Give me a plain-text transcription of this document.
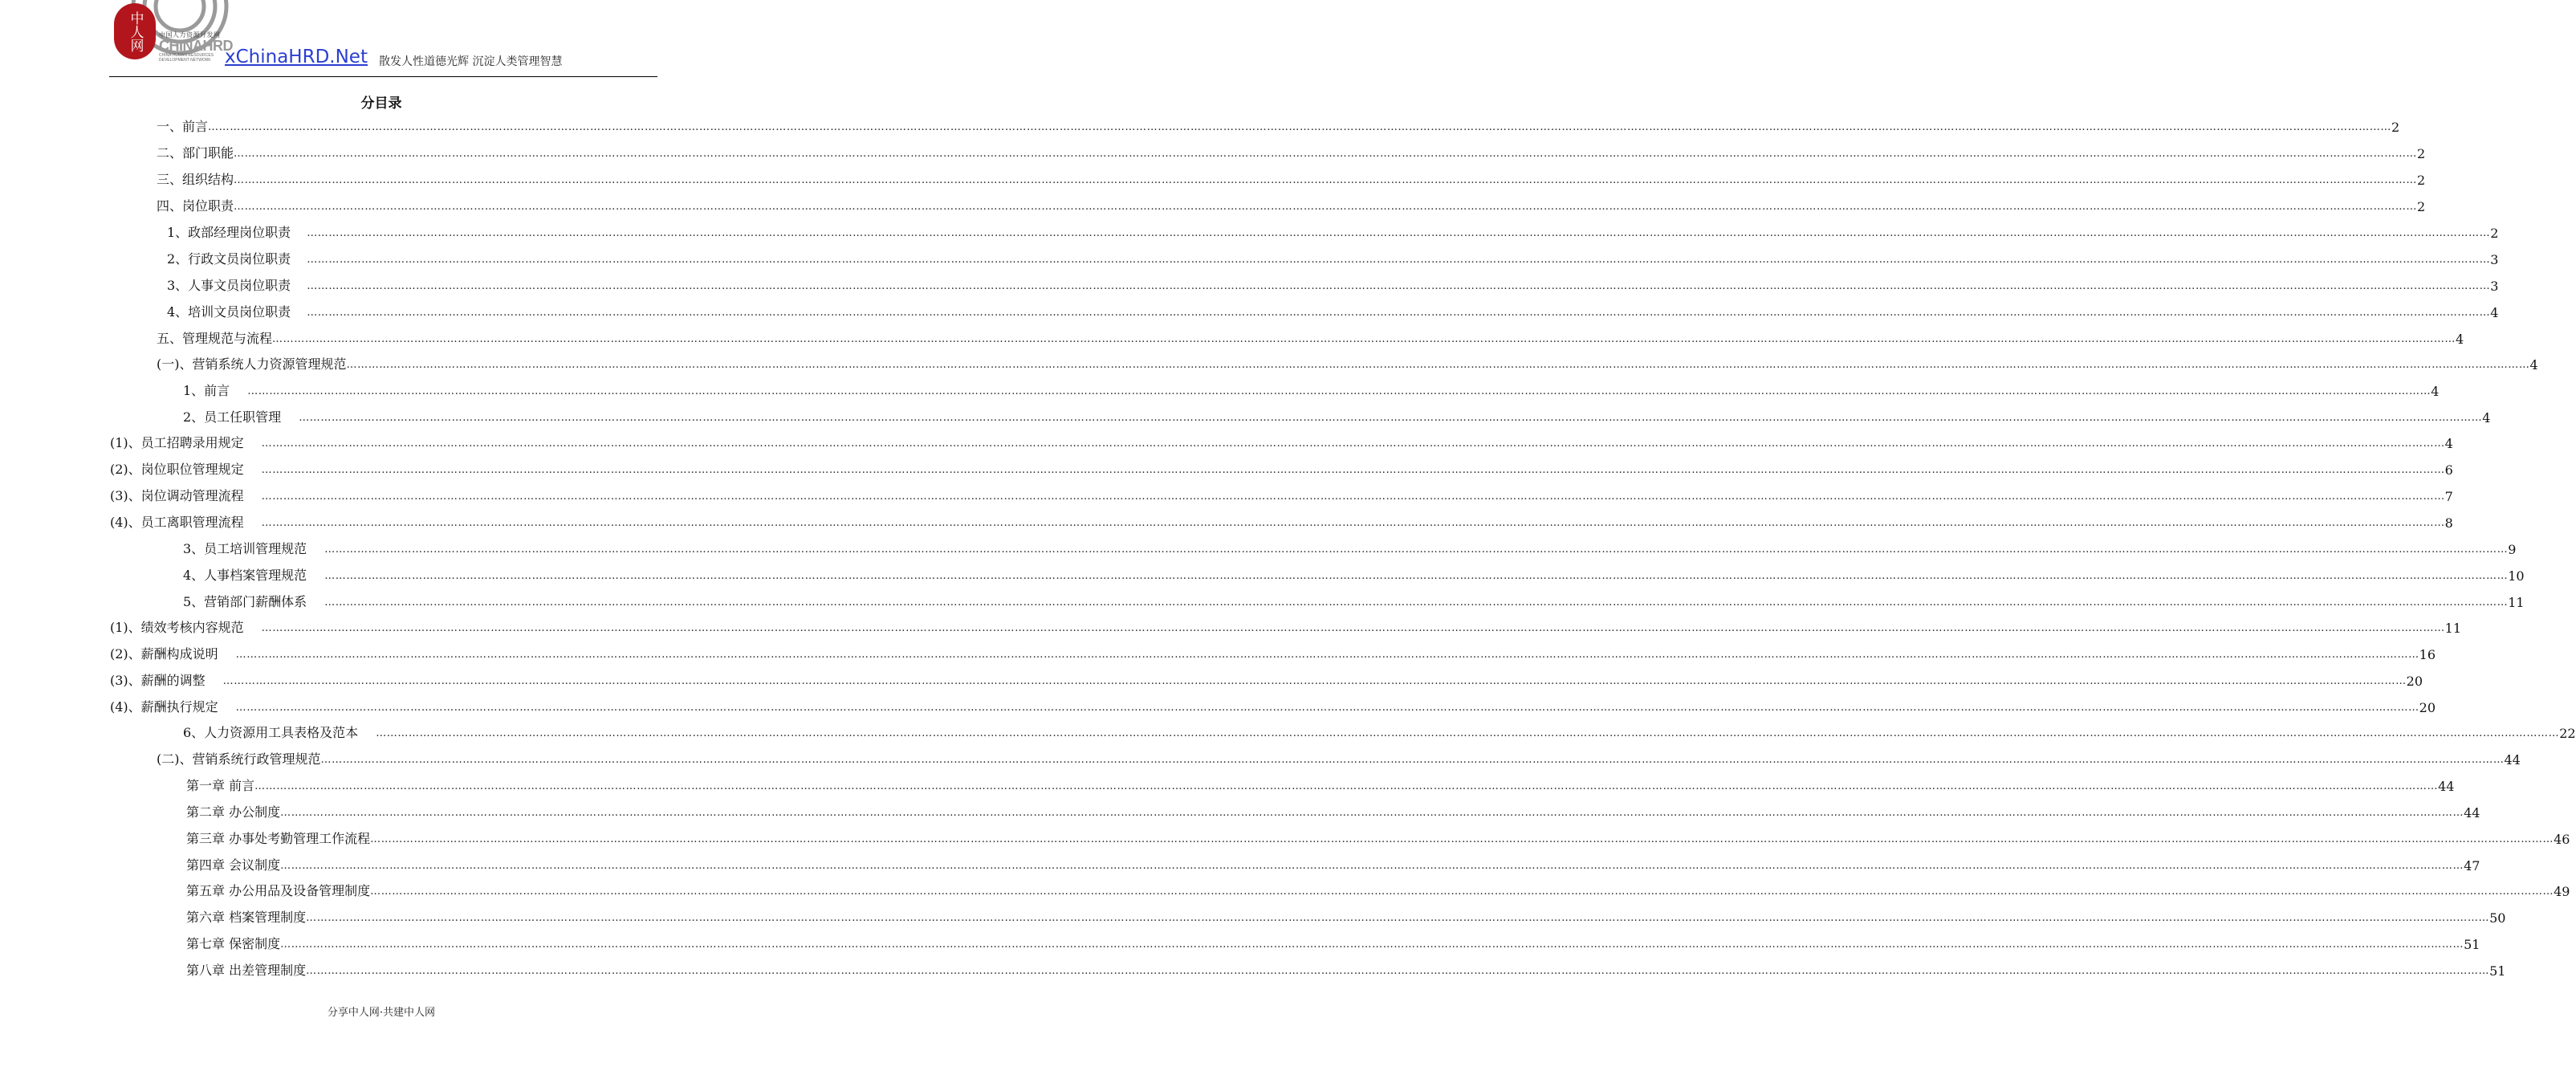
中人网	中国人力资源开发网
CHINAHRD
CHINA HUMAN RESOURCES DEVELOPMENT NETWORK xChinaHRD.Net 散发人性道德光辉 沉淀人类管理智慧
分目录
一、前言 …………………………………………………………………………………………………………………………………………………………………………………………………………………………………………………………………………………………………………………………………………………………………………………………………………………………………………………………………………………………………………………………………………………… 2
二、部门职能 …………………………………………………………………………………………………………………………………………………………………………………………………………………………………………………………………………………………………………………………………………………………………………………………………………………………………………………………………………………………………………………………………………………… 2
三、组织结构 …………………………………………………………………………………………………………………………………………………………………………………………………………………………………………………………………………………………………………………………………………………………………………………………………………………………………………………………………………………………………………………………………………………… 2
四、岗位职责 …………………………………………………………………………………………………………………………………………………………………………………………………………………………………………………………………………………………………………………………………………………………………………………………………………………………………………………………………………………………………………………………………………………… 2
1、政部经理岗位职责 …………………………………………………………………………………………………………………………………………………………………………………………………………………………………………………………………………………………………………………………………………………………………………………………………………………………………………………………………………………………………………………………………………………… 2
2、行政文员岗位职责 …………………………………………………………………………………………………………………………………………………………………………………………………………………………………………………………………………………………………………………………………………………………………………………………………………………………………………………………………………………………………………………………………………………… 3
3、人事文员岗位职责 …………………………………………………………………………………………………………………………………………………………………………………………………………………………………………………………………………………………………………………………………………………………………………………………………………………………………………………………………………………………………………………………………………………… 3
4、培训文员岗位职责 …………………………………………………………………………………………………………………………………………………………………………………………………………………………………………………………………………………………………………………………………………………………………………………………………………………………………………………………………………………………………………………………………………………… 4
五、管理规范与流程 …………………………………………………………………………………………………………………………………………………………………………………………………………………………………………………………………………………………………………………………………………………………………………………………………………………………………………………………………………………………………………………………………………………… 4
(一)、营销系统人力资源管理规范 …………………………………………………………………………………………………………………………………………………………………………………………………………………………………………………………………………………………………………………………………………………………………………………………………………………………………………………………………………………………………………………………………………………… 4
1、前言 …………………………………………………………………………………………………………………………………………………………………………………………………………………………………………………………………………………………………………………………………………………………………………………………………………………………………………………………………………………………………………………………………………………… 4
2、员工任职管理 …………………………………………………………………………………………………………………………………………………………………………………………………………………………………………………………………………………………………………………………………………………………………………………………………………………………………………………………………………………………………………………………………………………… 4
(1)、员工招聘录用规定 …………………………………………………………………………………………………………………………………………………………………………………………………………………………………………………………………………………………………………………………………………………………………………………………………………………………………………………………………………………………………………………………………………………… 4
(2)、岗位职位管理规定 …………………………………………………………………………………………………………………………………………………………………………………………………………………………………………………………………………………………………………………………………………………………………………………………………………………………………………………………………………………………………………………………………………………… 6
(3)、岗位调动管理流程 …………………………………………………………………………………………………………………………………………………………………………………………………………………………………………………………………………………………………………………………………………………………………………………………………………………………………………………………………………………………………………………………………………………… 7
(4)、员工离职管理流程 …………………………………………………………………………………………………………………………………………………………………………………………………………………………………………………………………………………………………………………………………………………………………………………………………………………………………………………………………………………………………………………………………………………… 8
3、员工培训管理规范 …………………………………………………………………………………………………………………………………………………………………………………………………………………………………………………………………………………………………………………………………………………………………………………………………………………………………………………………………………………………………………………………………………………… 9
4、人事档案管理规范 …………………………………………………………………………………………………………………………………………………………………………………………………………………………………………………………………………………………………………………………………………………………………………………………………………………………………………………………………………………………………………………………………………………… 10
5、营销部门薪酬体系 …………………………………………………………………………………………………………………………………………………………………………………………………………………………………………………………………………………………………………………………………………………………………………………………………………………………………………………………………………………………………………………………………………………… 11
(1)、绩效考核内容规范 …………………………………………………………………………………………………………………………………………………………………………………………………………………………………………………………………………………………………………………………………………………………………………………………………………………………………………………………………………………………………………………………………………………… 11
(2)、薪酬构成说明 …………………………………………………………………………………………………………………………………………………………………………………………………………………………………………………………………………………………………………………………………………………………………………………………………………………………………………………………………………………………………………………………………………………… 16
(3)、薪酬的调整 …………………………………………………………………………………………………………………………………………………………………………………………………………………………………………………………………………………………………………………………………………………………………………………………………………………………………………………………………………………………………………………………………………………… 20
(4)、薪酬执行规定 …………………………………………………………………………………………………………………………………………………………………………………………………………………………………………………………………………………………………………………………………………………………………………………………………………………………………………………………………………………………………………………………………………………… 20
6、人力资源用工具表格及范本 …………………………………………………………………………………………………………………………………………………………………………………………………………………………………………………………………………………………………………………………………………………………………………………………………………………………………………………………………………………………………………………………………………………… 22
(二)、营销系统行政管理规范 …………………………………………………………………………………………………………………………………………………………………………………………………………………………………………………………………………………………………………………………………………………………………………………………………………………………………………………………………………………………………………………………………………………… 44
第一章 前言 …………………………………………………………………………………………………………………………………………………………………………………………………………………………………………………………………………………………………………………………………………………………………………………………………………………………………………………………………………………………………………………………………………………… 44
第二章 办公制度 …………………………………………………………………………………………………………………………………………………………………………………………………………………………………………………………………………………………………………………………………………………………………………………………………………………………………………………………………………………………………………………………………………………… 44
第三章 办事处考勤管理工作流程 …………………………………………………………………………………………………………………………………………………………………………………………………………………………………………………………………………………………………………………………………………………………………………………………………………………………………………………………………………………………………………………………………………………… 46
第四章 会议制度 …………………………………………………………………………………………………………………………………………………………………………………………………………………………………………………………………………………………………………………………………………………………………………………………………………………………………………………………………………………………………………………………………………………… 47
第五章 办公用品及设备管理制度 …………………………………………………………………………………………………………………………………………………………………………………………………………………………………………………………………………………………………………………………………………………………………………………………………………………………………………………………………………………………………………………………………………………… 49
第六章 档案管理制度 …………………………………………………………………………………………………………………………………………………………………………………………………………………………………………………………………………………………………………………………………………………………………………………………………………………………………………………………………………………………………………………………………………………… 50
第七章 保密制度 …………………………………………………………………………………………………………………………………………………………………………………………………………………………………………………………………………………………………………………………………………………………………………………………………………………………………………………………………………………………………………………………………………………… 51
第八章 出差管理制度 …………………………………………………………………………………………………………………………………………………………………………………………………………………………………………………………………………………………………………………………………………………………………………………………………………………………………………………………………………………………………………………………………………………… 51
分享中人网·共建中人网
